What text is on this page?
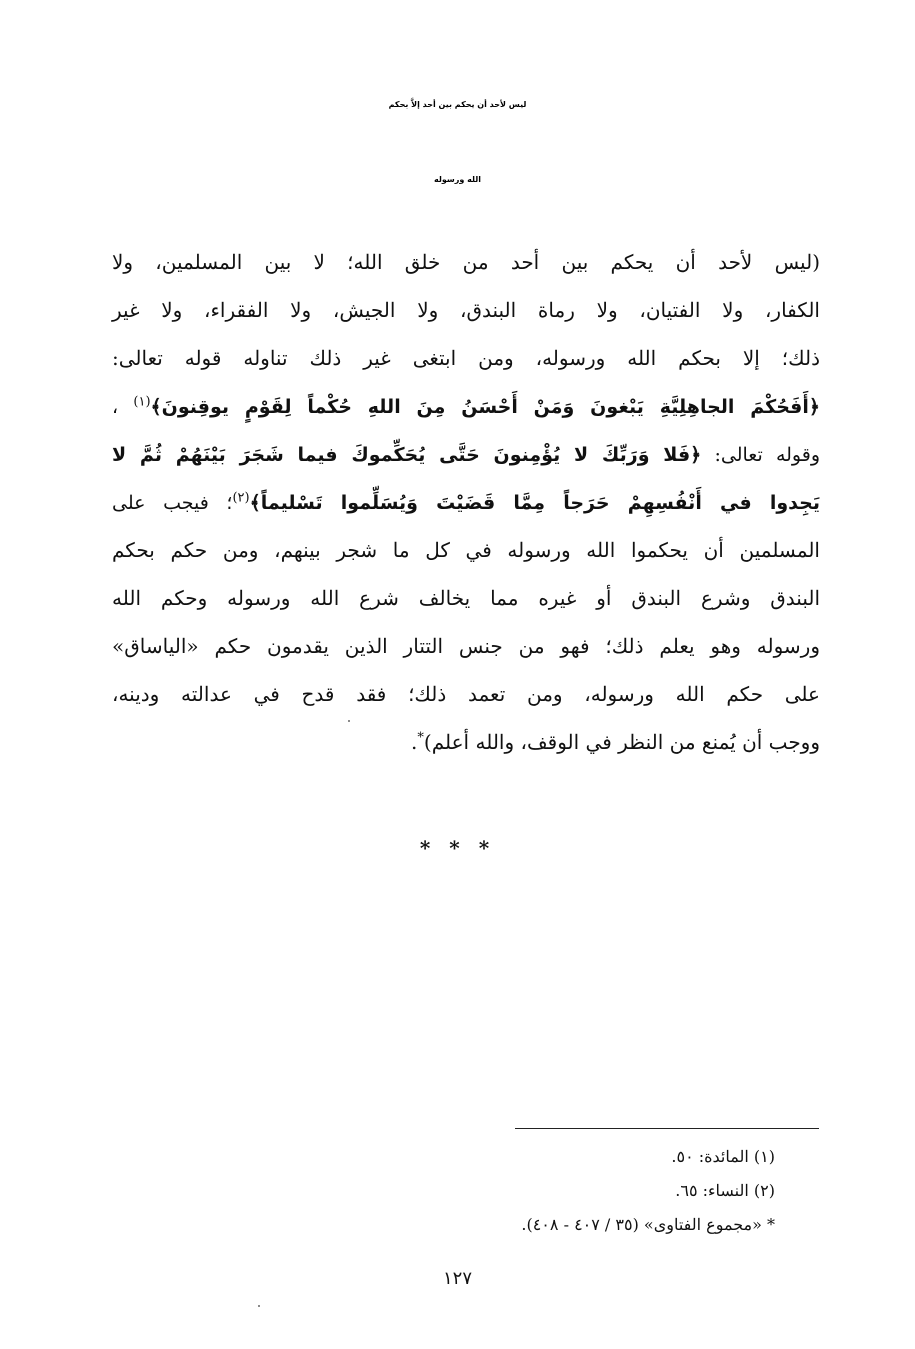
ليس لأحد أن يحكم بين أحد إلاَّ بحكم
الله ورسوله
(ليس لأحد أن يحكم بين أحد من خلق الله؛ لا بين المسلمين، ولا
الكفار، ولا الفتيان، ولا رماة البندق، ولا الجيش، ولا الفقراء، ولا غير
ذلك؛ إلا بحكم الله ورسوله، ومن ابتغى غير ذلك تناوله قوله تعالى:
﴿أَفَحُكْمَ الجاهِلِيَّةِ يَبْغونَ وَمَنْ أَحْسَنُ مِنَ اللهِ حُكْماً لِقَوْمٍ يوقِنونَ﴾$^{(١)}$ ،
وقوله تعالى: ﴿فَلا وَرَبِّكَ لا يُؤْمِنونَ حَتَّى يُحَكِّموكَ فيما شَجَرَ بَيْنَهُمْ ثُمَّ لا
يَجِدوا في أَنْفُسِهِمْ حَرَجاً مِمَّا قَضَيْتَ وَيُسَلِّموا تَسْليماً﴾$^{(٢)}$؛ فيجب على
المسلمين أن يحكموا الله ورسوله في كل ما شجر بينهم، ومن حكم بحكم
البندق وشرع البندق أو غيره مما يخالف شرع الله ورسوله وحكم الله
ورسوله وهو يعلم ذلك؛ فهو من جنس التتار الذين يقدمون حكم «الياساق»
على حكم الله ورسوله، ومن تعمد ذلك؛ فقد قدح في عدالته ودينه،
ووجب أن يُمنع من النظر في الوقف، والله أعلم)*.
* * *
(١) المائدة: ٥٠.
(٢) النساء: ٦٥.
* «مجموع الفتاوى» (٣٥ / ٤٠٧ - ٤٠٨).
١٢٧
